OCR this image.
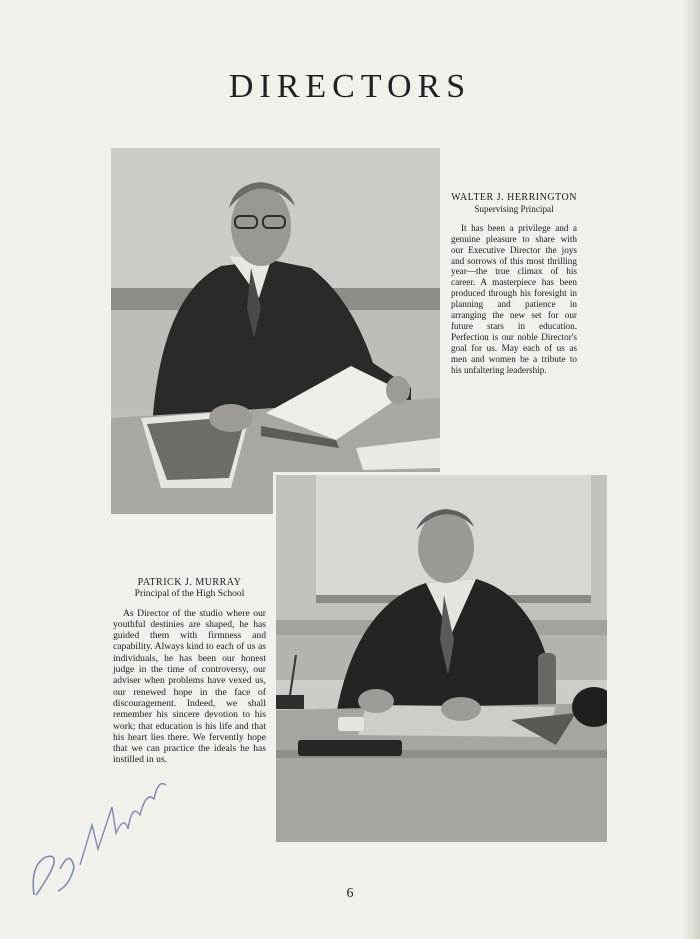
DIRECTORS
WALTER J. HERRINGTON
Supervising Principal
It has been a privilege and a genuine pleasure to share with our Executive Director the joys and sorrows of this most thrilling year—the true climax of his career. A masterpiece has been produced through his foresight in planning and patience in arranging the new set for our future stars in education. Perfection is our noble Director's goal for us. May each of us as men and women be a tribute to his unfaltering leadership.
PATRICK J. MURRAY
Principal of the High School
As Director of the studio where our youthful destinies are shaped, he has guided them with firmness and capability. Always kind to each of us as individuals, he has been our honest judge in the time of controversy, our adviser when problems have vexed us, our renewed hope in the face of discouragement. Indeed, we shall remember his sincere devotion to his work; that education is his life and that his heart lies there. We fervently hope that we can practice the ideals he has instilled in us.
6
